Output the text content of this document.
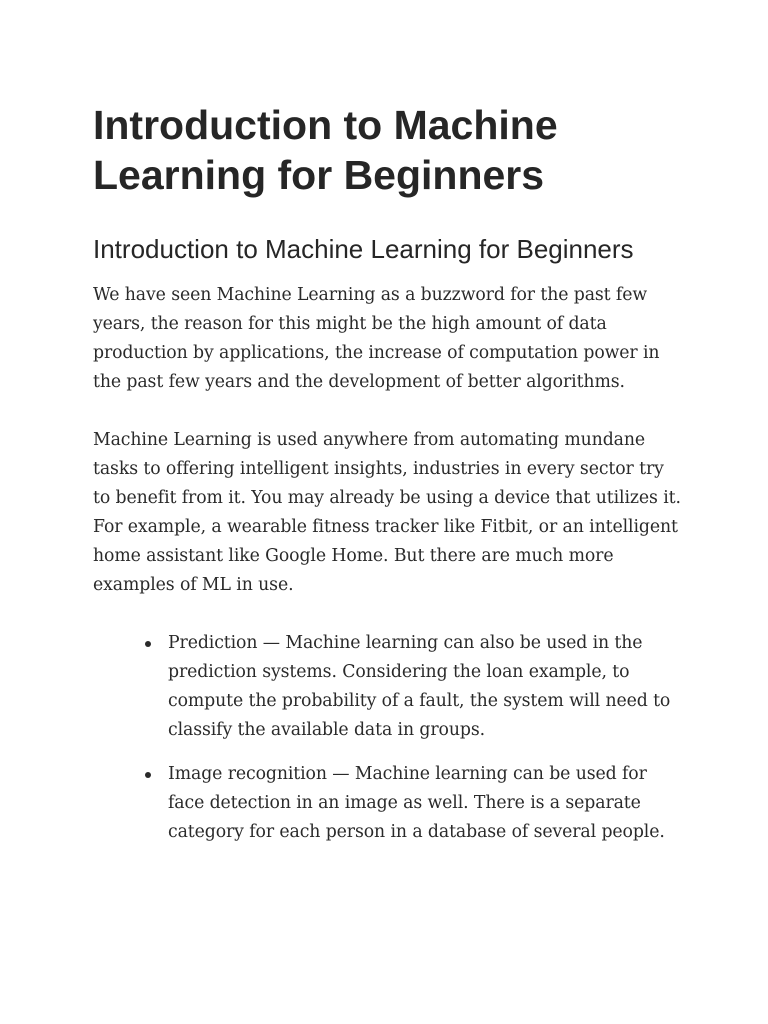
Introduction to Machine Learning for Beginners
Introduction to Machine Learning for Beginners

We have seen Machine Learning as a buzzword for the past few years, the reason for this might be the high amount of data production by applications, the increase of computation power in the past few years and the development of better algorithms.

Machine Learning is used anywhere from automating mundane tasks to offering intelligent insights, industries in every sector try to benefit from it. You may already be using a device that utilizes it. For example, a wearable fitness tracker like Fitbit, or an intelligent home assistant like Google Home. But there are much more examples of ML in use.

Prediction — Machine learning can also be used in the prediction systems. Considering the loan example, to compute the probability of a fault, the system will need to classify the available data in groups.
Image recognition — Machine learning can be used for face detection in an image as well. There is a separate category for each person in a database of several people.
